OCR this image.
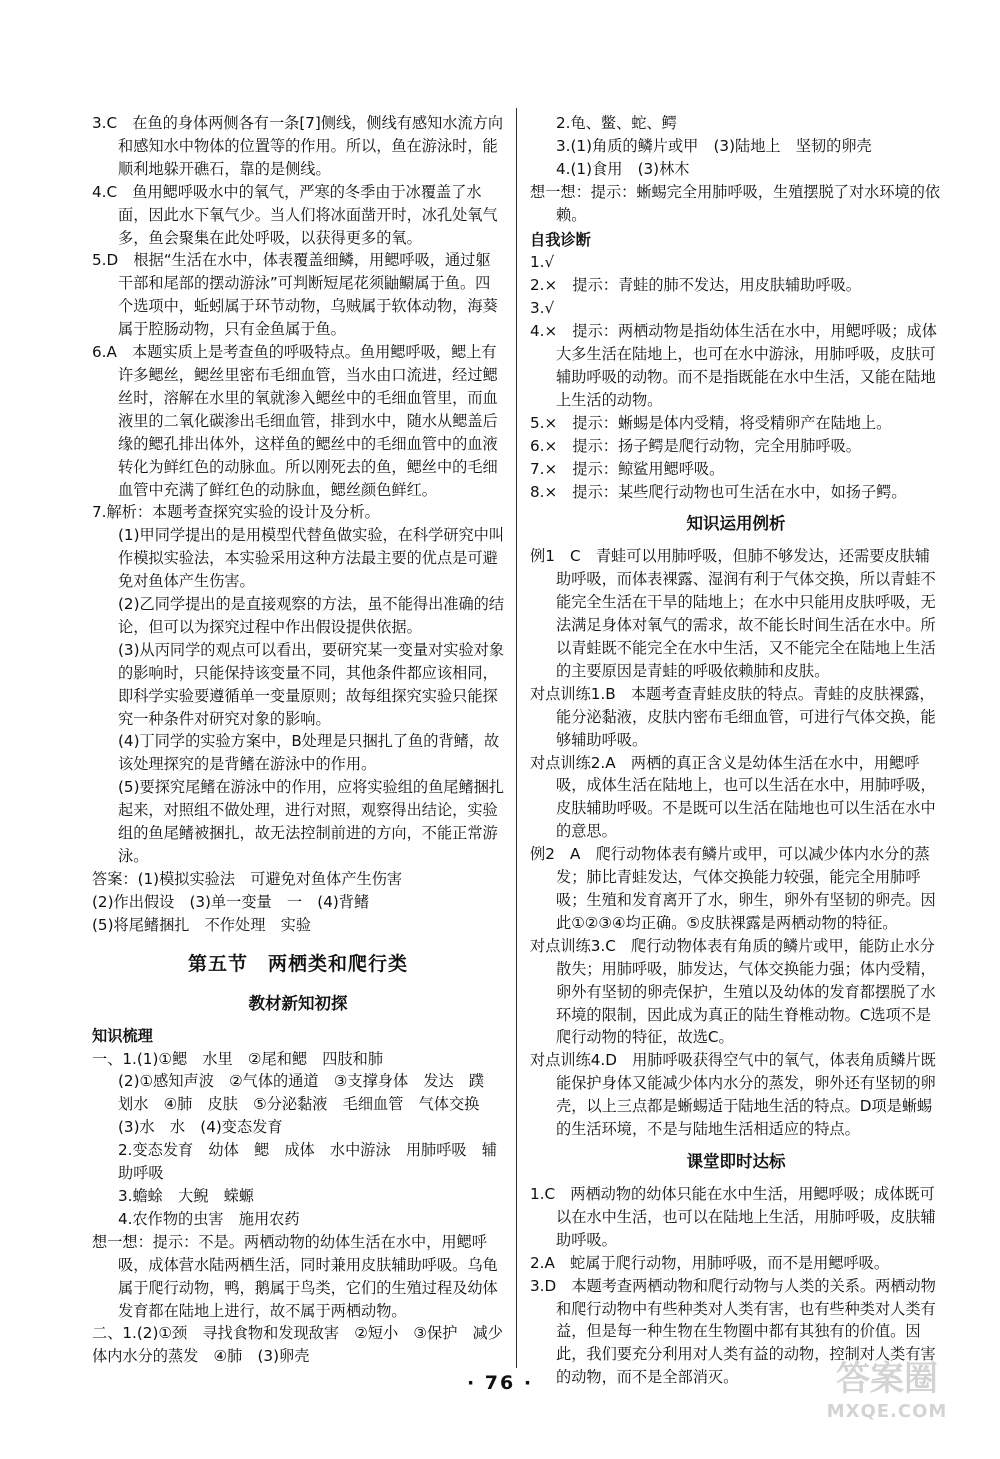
3.C　在鱼的身体两侧各有一条[7]侧线，侧线有感知水流方向和感知水中物体的位置等的作用。所以，鱼在游泳时，能顺利地躲开礁石，靠的是侧线。

4.C　鱼用鳃呼吸水中的氧气，严寒的冬季由于冰覆盖了水面，因此水下氧气少。当人们将冰面凿开时，冰孔处氧气多，鱼会聚集在此处呼吸，以获得更多的氧。

5.D　根据“生活在水中，体表覆盖细鳞，用鳃呼吸，通过躯干部和尾部的摆动游泳”可判断短尾花须鼬鳚属于鱼。四个选项中，蚯蚓属于环节动物，乌贼属于软体动物，海葵属于腔肠动物，只有金鱼属于鱼。

6.A　本题实质上是考查鱼的呼吸特点。鱼用鳃呼吸，鳃上有许多鳃丝，鳃丝里密布毛细血管，当水由口流进，经过鳃丝时，溶解在水里的氧就渗入鳃丝中的毛细血管里，而血液里的二氧化碳渗出毛细血管，排到水中，随水从鳃盖后缘的鳃孔排出体外，这样鱼的鳃丝中的毛细血管中的血液转化为鲜红色的动脉血。所以刚死去的鱼，鳃丝中的毛细血管中充满了鲜红色的动脉血，鳃丝颜色鲜红。

7.解析：本题考查探究实验的设计及分析。

(1)甲同学提出的是用模型代替鱼做实验，在科学研究中叫作模拟实验法，本实验采用这种方法最主要的优点是可避免对鱼体产生伤害。

(2)乙同学提出的是直接观察的方法，虽不能得出准确的结论，但可以为探究过程中作出假设提供依据。

(3)从丙同学的观点可以看出，要研究某一变量对实验对象的影响时，只能保持该变量不同，其他条件都应该相同，即科学实验要遵循单一变量原则；故每组探究实验只能探究一种条件对研究对象的影响。

(4)丁同学的实验方案中，B处理是只捆扎了鱼的背鳍，故该处理探究的是背鳍在游泳中的作用。

(5)要探究尾鳍在游泳中的作用，应将实验组的鱼尾鳍捆扎起来，对照组不做处理，进行对照，观察得出结论，实验组的鱼尾鳍被捆扎，故无法控制前进的方向，不能正常游泳。

答案：(1)模拟实验法　可避免对鱼体产生伤害

(2)作出假设　(3)单一变量　一　(4)背鳍

(5)将尾鳍捆扎　不作处理　实验

第五节　两栖类和爬行类
教材新知初探
知识梳理

一、1.(1)①鳃　水里　②尾和鳃　四肢和肺

(2)①感知声波　②气体的通道　③支撑身体　发达　蹼　划水　④肺　皮肤　⑤分泌黏液　毛细血管　气体交换　(3)水　水　(4)变态发育

2.变态发育　幼体　鳃　成体　水中游泳　用肺呼吸　辅助呼吸

3.蟾蜍　大鲵　蝾螈

4.农作物的虫害　施用农药

想一想：提示：不是。两栖动物的幼体生活在水中，用鳃呼吸，成体营水陆两栖生活，同时兼用皮肤辅助呼吸。乌龟属于爬行动物，鸭，鹅属于鸟类，它们的生殖过程及幼体发育都在陆地上进行，故不属于两栖动物。

二、1.(2)①颈　寻找食物和发现敌害　②短小　③保护　减少体内水分的蒸发　④肺　(3)卵壳

2.龟、鳖、蛇、鳄

3.(1)角质的鳞片或甲　(3)陆地上　坚韧的卵壳

4.(1)食用　(3)林木

想一想：提示：蜥蜴完全用肺呼吸，生殖摆脱了对水环境的依赖。

自我诊断

1.√

2.×　提示：青蛙的肺不发达，用皮肤辅助呼吸。

3.√

4.×　提示：两栖动物是指幼体生活在水中，用鳃呼吸；成体大多生活在陆地上，也可在水中游泳，用肺呼吸，皮肤可辅助呼吸的动物。而不是指既能在水中生活，又能在陆地上生活的动物。

5.×　提示：蜥蜴是体内受精，将受精卵产在陆地上。

6.×　提示：扬子鳄是爬行动物，完全用肺呼吸。

7.×　提示：鲸鲨用鳃呼吸。

8.×　提示：某些爬行动物也可生活在水中，如扬子鳄。

知识运用例析

例1　C　青蛙可以用肺呼吸，但肺不够发达，还需要皮肤辅助呼吸，而体表裸露、湿润有利于气体交换，所以青蛙不能完全生活在干旱的陆地上；在水中只能用皮肤呼吸，无法满足身体对氧气的需求，故不能长时间生活在水中。所以青蛙既不能完全在水中生活，又不能完全在陆地上生活的主要原因是青蛙的呼吸依赖肺和皮肤。

对点训练1.B　本题考查青蛙皮肤的特点。青蛙的皮肤裸露，能分泌黏液，皮肤内密布毛细血管，可进行气体交换，能够辅助呼吸。

对点训练2.A　两栖的真正含义是幼体生活在水中，用鳃呼吸，成体生活在陆地上，也可以生活在水中，用肺呼吸，皮肤辅助呼吸。不是既可以生活在陆地也可以生活在水中的意思。

例2　A　爬行动物体表有鳞片或甲，可以减少体内水分的蒸发；肺比青蛙发达，气体交换能力较强，能完全用肺呼吸；生殖和发育离开了水，卵生，卵外有坚韧的卵壳。因此①②③④均正确。⑤皮肤裸露是两栖动物的特征。

对点训练3.C　爬行动物体表有角质的鳞片或甲，能防止水分散失；用肺呼吸，肺发达，气体交换能力强；体内受精，卵外有坚韧的卵壳保护，生殖以及幼体的发育都摆脱了水环境的限制，因此成为真正的陆生脊椎动物。C选项不是爬行动物的特征，故选C。

对点训练4.D　用肺呼吸获得空气中的氧气，体表角质鳞片既能保护身体又能减少体内水分的蒸发，卵外还有坚韧的卵壳，以上三点都是蜥蜴适于陆地生活的特点。D项是蜥蜴的生活环境，不是与陆地生活相适应的特点。

课堂即时达标

1.C　两栖动物的幼体只能在水中生活，用鳃呼吸；成体既可以在水中生活，也可以在陆地上生活，用肺呼吸，皮肤辅助呼吸。

2.A　蛇属于爬行动物，用肺呼吸，而不是用鳃呼吸。

3.D　本题考查两栖动物和爬行动物与人类的关系。两栖动物和爬行动物中有些种类对人类有害，也有些种类对人类有益，但是每一种生物在生物圈中都有其独有的价值。因此，我们要充分利用对人类有益的动物，控制对人类有害的动物，而不是全部消灭。

· 76 ·	答案圈
MXQE.COM
